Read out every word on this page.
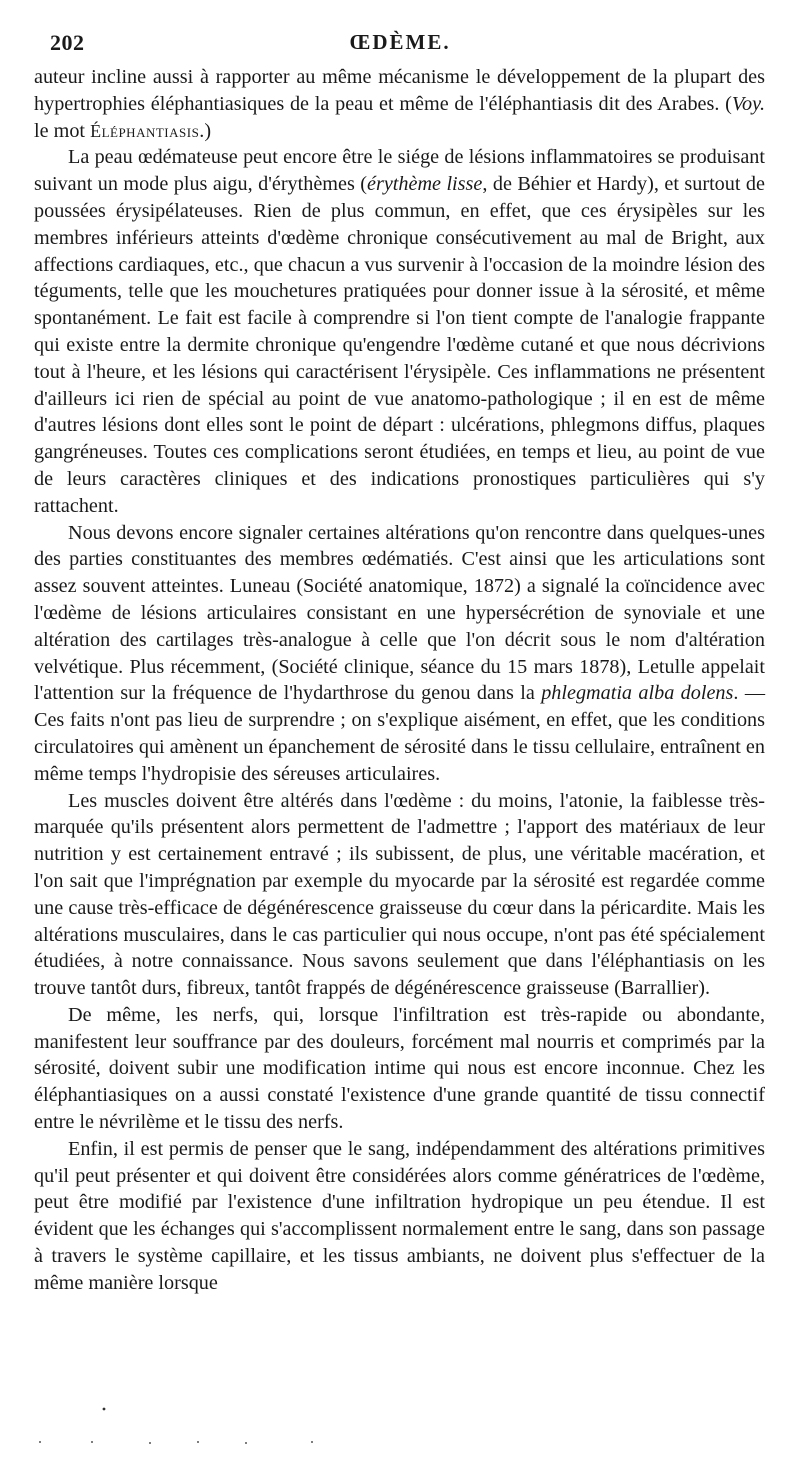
202	ŒDÈME.

auteur incline aussi à rapporter au même mécanisme le développement de la plupart des hypertrophies éléphantiasiques de la peau et même de l'éléphantiasis dit des Arabes. (Voy. le mot Éléphantiasis.)

La peau œdémateuse peut encore être le siége de lésions inflammatoires se produisant suivant un mode plus aigu, d'érythèmes (érythème lisse, de Béhier et Hardy), et surtout de poussées érysipélateuses. Rien de plus commun, en effet, que ces érysipèles sur les membres inférieurs atteints d'œdème chronique consécutivement au mal de Bright, aux affections cardiaques, etc., que chacun a vus survenir à l'occasion de la moindre lésion des téguments, telle que les mouchetures pratiquées pour donner issue à la sérosité, et même spontanément. Le fait est facile à comprendre si l'on tient compte de l'analogie frappante qui existe entre la dermite chronique qu'engendre l'œdème cutané et que nous décrivions tout à l'heure, et les lésions qui caractérisent l'érysipèle. Ces inflammations ne présentent d'ailleurs ici rien de spécial au point de vue anatomo-pathologique ; il en est de même d'autres lésions dont elles sont le point de départ : ulcérations, phlegmons diffus, plaques gangréneuses. Toutes ces complications seront étudiées, en temps et lieu, au point de vue de leurs caractères cliniques et des indications pronostiques particulières qui s'y rattachent.

Nous devons encore signaler certaines altérations qu'on rencontre dans quelques-unes des parties constituantes des membres œdématiés. C'est ainsi que les articulations sont assez souvent atteintes. Luneau (Société anatomique, 1872) a signalé la coïncidence avec l'œdème de lésions articulaires consistant en une hypersécrétion de synoviale et une altération des cartilages très-analogue à celle que l'on décrit sous le nom d'altération velvétique. Plus récemment, (Société clinique, séance du 15 mars 1878), Letulle appelait l'attention sur la fréquence de l'hydarthrose du genou dans la phlegmatia alba dolens. — Ces faits n'ont pas lieu de surprendre ; on s'explique aisément, en effet, que les conditions circulatoires qui amènent un épanchement de sérosité dans le tissu cellulaire, entraînent en même temps l'hydropisie des séreuses articulaires.

Les muscles doivent être altérés dans l'œdème : du moins, l'atonie, la faiblesse très-marquée qu'ils présentent alors permettent de l'admettre ; l'apport des matériaux de leur nutrition y est certainement entravé ; ils subissent, de plus, une véritable macération, et l'on sait que l'imprégnation par exemple du myocarde par la sérosité est regardée comme une cause très-efficace de dégénérescence graisseuse du cœur dans la péricardite. Mais les altérations musculaires, dans le cas particulier qui nous occupe, n'ont pas été spécialement étudiées, à notre connaissance. Nous savons seulement que dans l'éléphantiasis on les trouve tantôt durs, fibreux, tantôt frappés de dégénérescence graisseuse (Barrallier).

De même, les nerfs, qui, lorsque l'infiltration est très-rapide ou abondante, manifestent leur souffrance par des douleurs, forcément mal nourris et comprimés par la sérosité, doivent subir une modification intime qui nous est encore inconnue. Chez les éléphantiasiques on a aussi constaté l'existence d'une grande quantité de tissu connectif entre le névrilème et le tissu des nerfs.

Enfin, il est permis de penser que le sang, indépendamment des altérations primitives qu'il peut présenter et qui doivent être considérées alors comme génératrices de l'œdème, peut être modifié par l'existence d'une infiltration hydropique un peu étendue. Il est évident que les échanges qui s'accomplissent normalement entre le sang, dans son passage à travers le système capillaire, et les tissus ambiants, ne doivent plus s'effectuer de la même manière lorsque
